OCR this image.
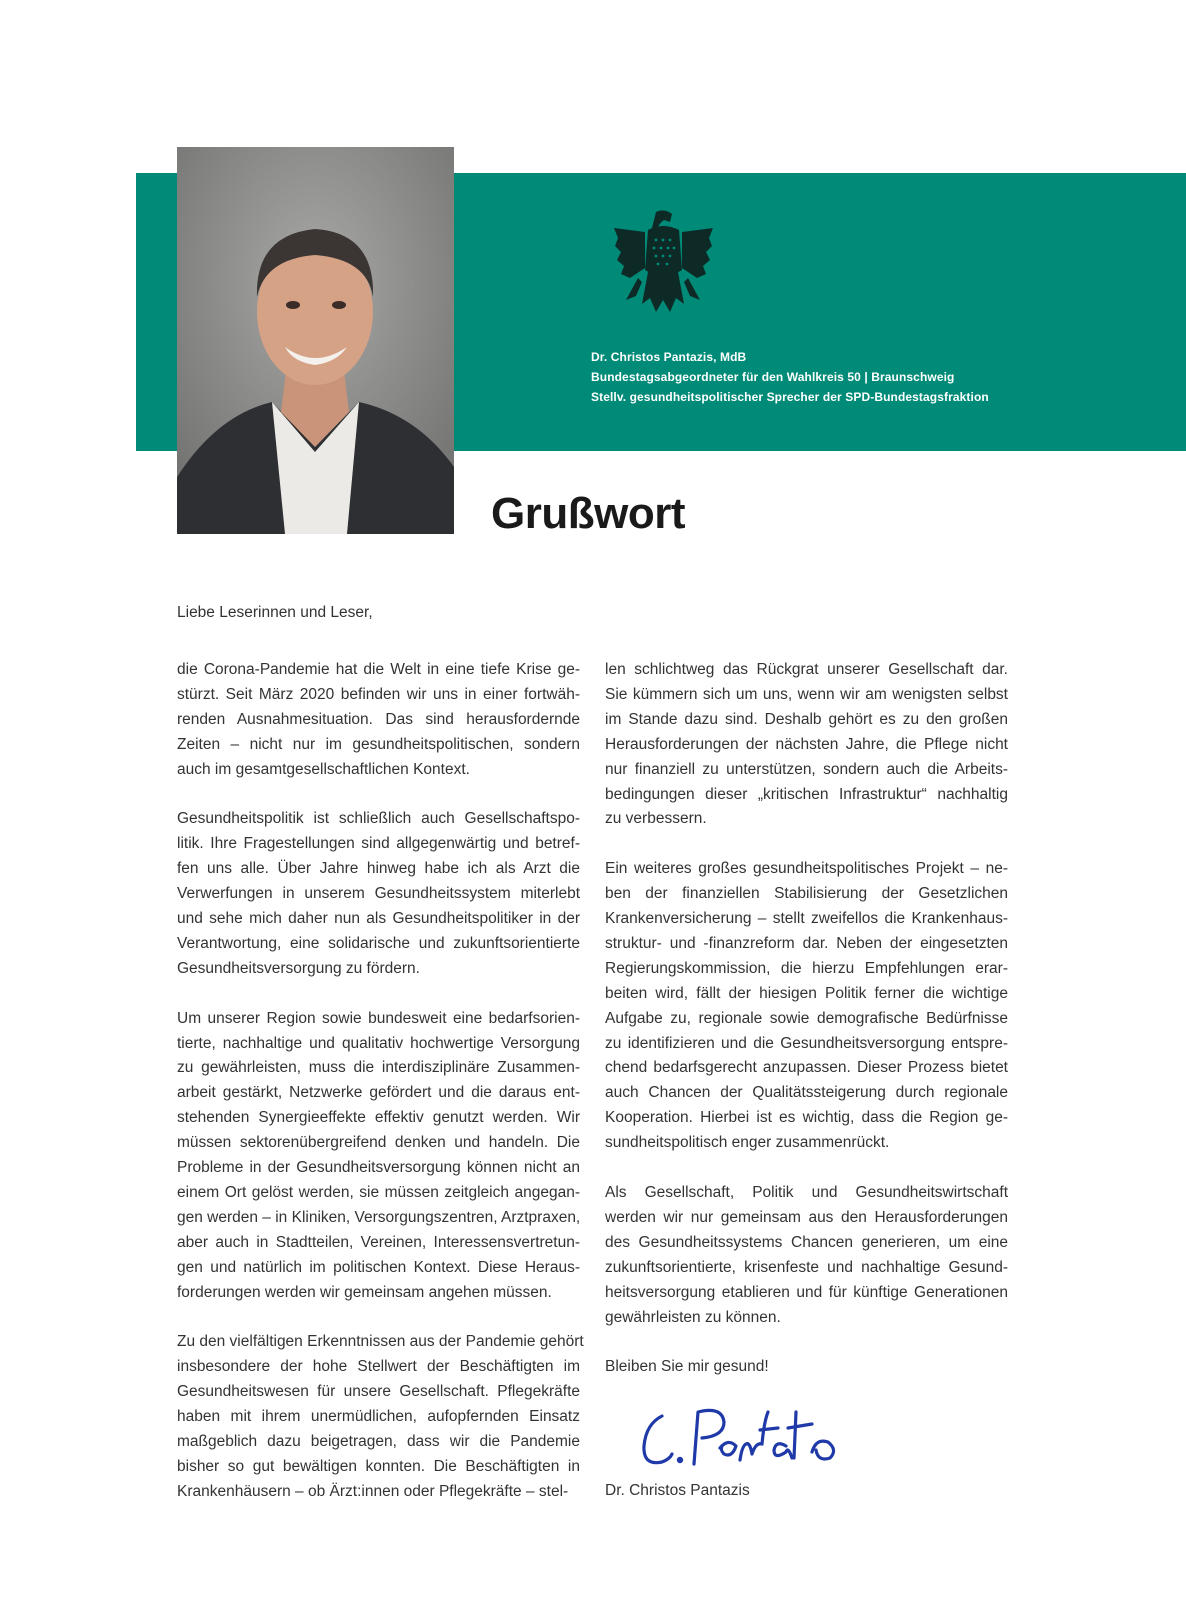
Dr. Christos Pantazis, MdB
Bundestagsabgeordneter für den Wahlkreis 50 | Braunschweig
Stellv. gesundheitspolitischer Sprecher der SPD-Bundestagsfraktion
Grußwort
Liebe Leserinnen und Leser,
die Corona-Pandemie hat die Welt in eine tiefe Krise ge-
stürzt. Seit März 2020 befinden wir uns in einer fortwäh-
renden Ausnahmesituation. Das sind herausfordernde
Zeiten – nicht nur im gesundheitspolitischen, sondern
auch im gesamtgesellschaftlichen Kontext.
Gesundheitspolitik ist schließlich auch Gesellschaftspo-
litik. Ihre Fragestellungen sind allgegenwärtig und betref-
fen uns alle. Über Jahre hinweg habe ich als Arzt die
Verwerfungen in unserem Gesundheitssystem miterlebt
und sehe mich daher nun als Gesundheitspolitiker in der
Verantwortung, eine solidarische und zukunftsorientierte
Gesundheitsversorgung zu fördern.
Um unserer Region sowie bundesweit eine bedarfsorien-
tierte, nachhaltige und qualitativ hochwertige Versorgung
zu gewährleisten, muss die interdisziplinäre Zusammen-
arbeit gestärkt, Netzwerke gefördert und die daraus ent-
stehenden Synergieeffekte effektiv genutzt werden. Wir
müssen sektorenübergreifend denken und handeln. Die
Probleme in der Gesundheitsversorgung können nicht an
einem Ort gelöst werden, sie müssen zeitgleich angegan-
gen werden – in Kliniken, Versorgungszentren, Arztpraxen,
aber auch in Stadtteilen, Vereinen, Interessensvertretun-
gen und natürlich im politischen Kontext. Diese Heraus-
forderungen werden wir gemeinsam angehen müssen.
Zu den vielfältigen Erkenntnissen aus der Pandemie gehört
insbesondere der hohe Stellwert der Beschäftigten im
Gesundheitswesen für unsere Gesellschaft. Pflegekräfte
haben mit ihrem unermüdlichen, aufopfernden Einsatz
maßgeblich dazu beigetragen, dass wir die Pandemie
bisher so gut bewältigen konnten. Die Beschäftigten in
Krankenhäusern – ob Ärzt:innen oder Pflegekräfte – stel-
len schlichtweg das Rückgrat unserer Gesellschaft dar.
Sie kümmern sich um uns, wenn wir am wenigsten selbst
im Stande dazu sind. Deshalb gehört es zu den großen
Herausforderungen der nächsten Jahre, die Pflege nicht
nur finanziell zu unterstützen, sondern auch die Arbeits-
bedingungen dieser „kritischen Infrastruktur“ nachhaltig
zu verbessern.
Ein weiteres großes gesundheitspolitisches Projekt – ne-
ben der finanziellen Stabilisierung der Gesetzlichen
Krankenversicherung – stellt zweifellos die Krankenhaus-
struktur- und -finanzreform dar. Neben der eingesetzten
Regierungskommission, die hierzu Empfehlungen erar-
beiten wird, fällt der hiesigen Politik ferner die wichtige
Aufgabe zu, regionale sowie demografische Bedürfnisse
zu identifizieren und die Gesundheitsversorgung entspre-
chend bedarfsgerecht anzupassen. Dieser Prozess bietet
auch Chancen der Qualitätssteigerung durch regionale
Kooperation. Hierbei ist es wichtig, dass die Region ge-
sundheitspolitisch enger zusammenrückt.
Als Gesellschaft, Politik und Gesundheitswirtschaft
werden wir nur gemeinsam aus den Herausforderungen
des Gesundheitssystems Chancen generieren, um eine
zukunftsorientierte, krisenfeste und nachhaltige Gesund-
heitsversorgung etablieren und für künftige Generationen
gewährleisten zu können.
Bleiben Sie mir gesund!
Dr. Christos Pantazis
